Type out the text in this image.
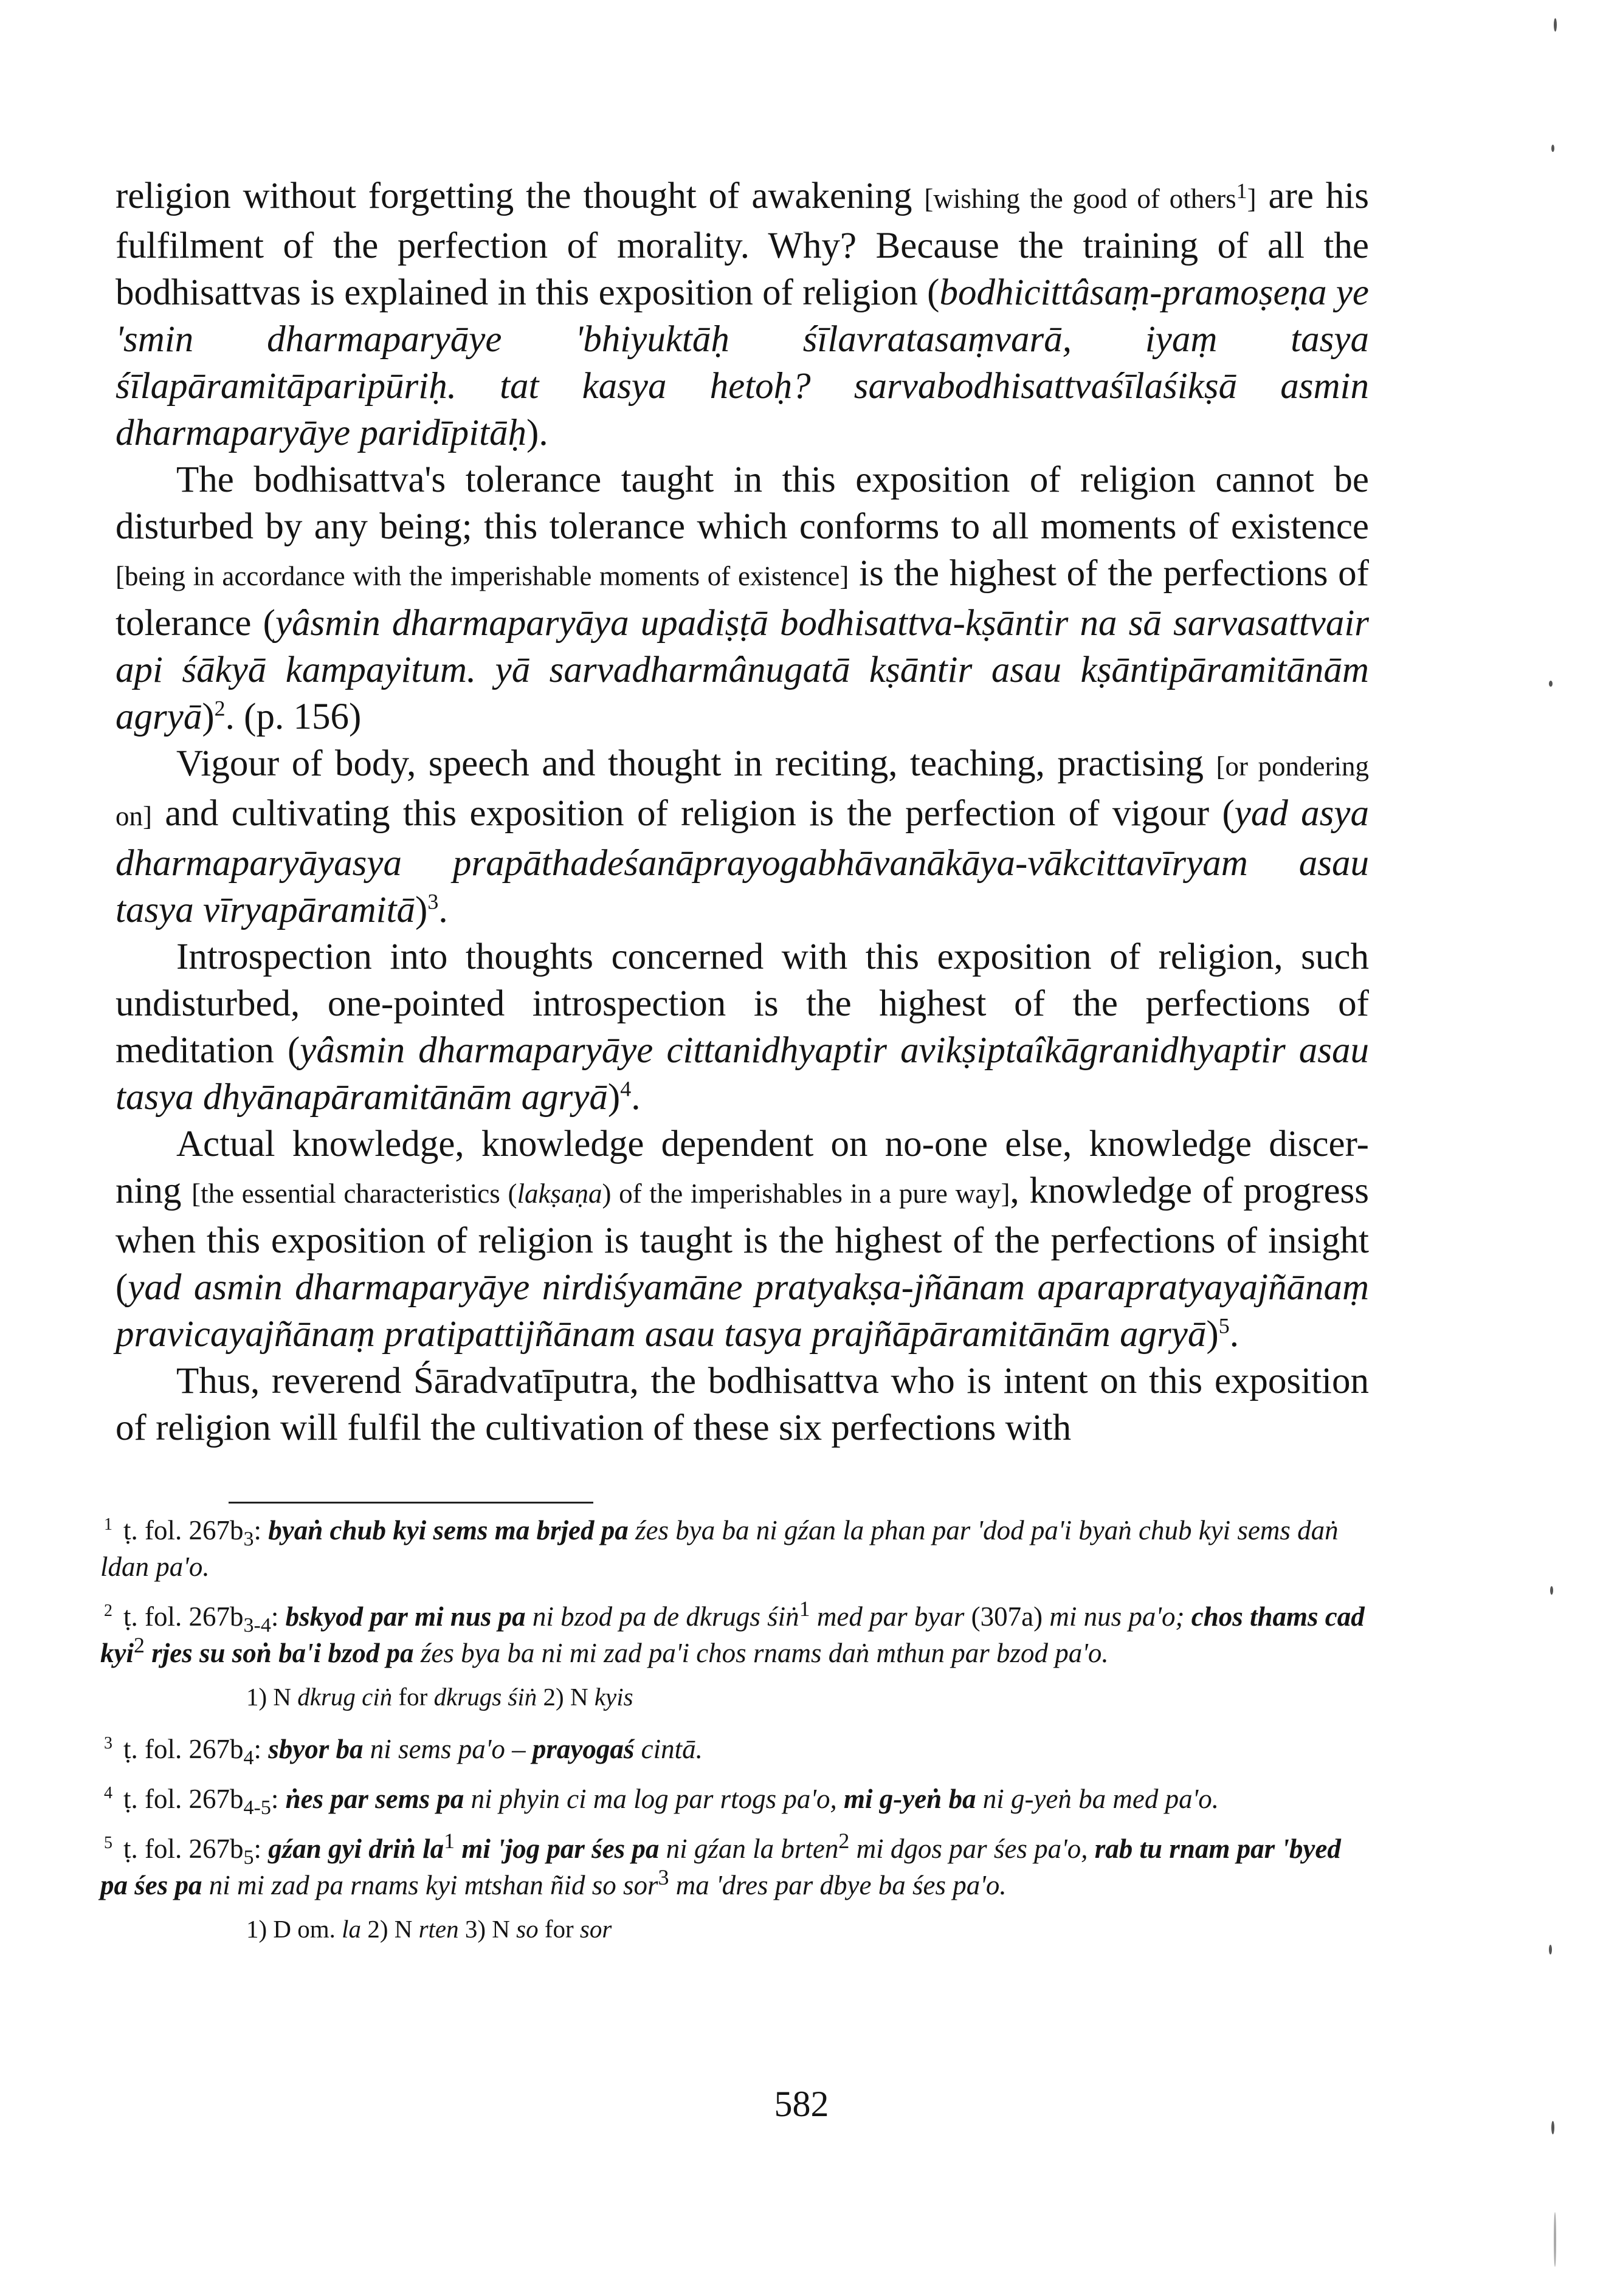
religion without forgetting the thought of awakening [wishing the good of others$^1$] are his fulfilment of the perfection of morality. Why? Because the training of all the bodhisattvas is explained in this exposition of religion (bodhicittâsaṃ-pramoṣeṇa ye 'smin dharmaparyāye 'bhiyuktāḥ śīlavratasaṃvarā, iyaṃ tasya śīlapāramitāparipūriḥ. tat kasya hetoḥ? sarvabodhisattvaśīlaśikṣā asmin dharmaparyāye paridīpitāḥ).

The bodhisattva's tolerance taught in this exposition of religion cannot be disturbed by any being; this tolerance which conforms to all moments of existence [being in accordance with the imperishable moments of existence] is the highest of the perfections of tolerance (yâsmin dharmaparyāya upadiṣṭā bodhisattva-kṣāntir na sā sarvasattvair api śākyā kampayitum. yā sarvadharmânugatā kṣāntir asau kṣāntipāramitānām agryā)$^2$. (p. 156)

Vigour of body, speech and thought in reciting, teaching, practising [or pondering on] and cultivating this exposition of religion is the perfection of vigour (yad asya dharmaparyāyasya prapāthadeśanāprayogabhāvanākāya-vākcittavīryam asau tasya vīryapāramitā)$^3$.

Introspection into thoughts concerned with this exposition of religion, such undisturbed, one-pointed introspection is the highest of the perfections of meditation (yâsmin dharmaparyāye cittanidhyaptir avikṣiptaîkāgranidhyaptir asau tasya dhyānapāramitānām agryā)$^4$.

Actual knowledge, knowledge dependent on no-one else, knowledge discer-ning [the essential characteristics (lakṣaṇa) of the imperishables in a pure way], knowledge of progress when this exposition of religion is taught is the highest of the perfections of insight (yad asmin dharmaparyāye nirdiśyamāne pratyakṣa-jñānam aparapratyayajñānaṃ pravicayajñānaṃ pratipattijñānam asau tasya prajñāpāramitānām agryā)$^5$.

Thus, reverend Śāradvatīputra, the bodhisattva who is intent on this exposition of religion will fulfil the cultivation of these six perfections with

$^1$ ṭ. fol. $267b_3$: byaṅ chub kyi sems ma brjed pa źes bya ba ni gźan la phan par 'dod pa'i byaṅ chub kyi sems daṅ ldan pa'o.

$^2$ ṭ. fol. $267b_{3-4}$: bskyod par mi nus pa ni bzod pa de dkrugs śiṅ$^1$ med par byar (307a) mi nus pa'o; chos thams cad kyi$^2$ rjes su soṅ ba'i bzod pa źes bya ba ni mi zad pa'i chos rnams daṅ mthun par bzod pa'o.

1) N dkrug ciṅ for dkrugs śiṅ 2) N kyis

$^3$ ṭ. fol. $267b_4$: sbyor ba ni sems pa'o – prayogaś cintā.

$^4$ ṭ. fol. $267b_{4-5}$: ṅes par sems pa ni phyin ci ma log par rtogs pa'o, mi g-yeṅ ba ni g-yeṅ ba med pa'o.

$^5$ ṭ. fol. $267b_5$: gźan gyi driṅ $la^1$ mi 'jog par śes pa ni gźan la brten$^2$ mi dgos par śes pa'o, rab tu rnam par 'byed pa śes pa ni mi zad pa rnams kyi mtshan ñid so sor$^3$ ma 'dres par dbye ba śes pa'o.

1) D om. la 2) N rten 3) N so for sor

582
